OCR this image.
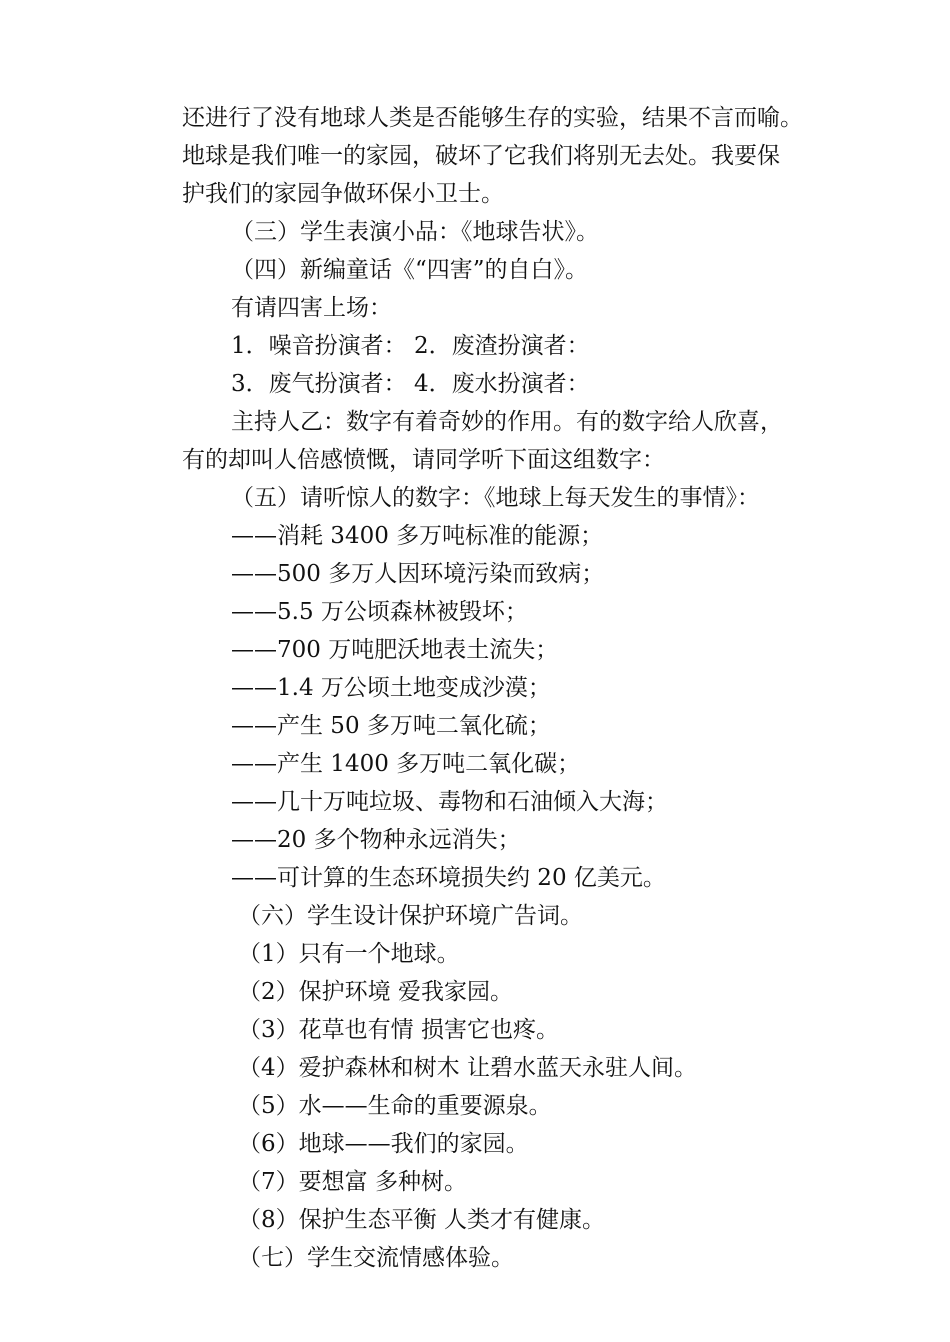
还进行了没有地球人类是否能够生存的实验，结果不言而喻。
地球是我们唯一的家园，破坏了它我们将别无去处。我要保
护我们的家园争做环保小卫士。
（三）学生表演小品：《地球告状》。
（四）新编童话《“四害”的自白》。
有请四害上场：
1．噪音扮演者： 2．废渣扮演者：
3．废气扮演者： 4．废水扮演者：
主持人乙：数字有着奇妙的作用。有的数字给人欣喜，
有的却叫人倍感愤慨，请同学听下面这组数字：
（五）请听惊人的数字：《地球上每天发生的事情》：
——消耗 3400 多万吨标准的能源；
——500 多万人因环境污染而致病；
——5.5 万公顷森林被毁坏；
——700 万吨肥沃地表土流失；
——1.4 万公顷土地变成沙漠；
——产生 50 多万吨二氧化硫；
——产生 1400 多万吨二氧化碳；
——几十万吨垃圾、毒物和石油倾入大海；
——20 多个物种永远消失；
——可计算的生态环境损失约 20 亿美元。
（六）学生设计保护环境广告词。
（1）只有一个地球。
（2）保护环境 爱我家园。
（3）花草也有情 损害它也疼。
（4）爱护森林和树木 让碧水蓝天永驻人间。
（5）水——生命的重要源泉。
（6）地球——我们的家园。
（7）要想富 多种树。
（8）保护生态平衡 人类才有健康。
（七）学生交流情感体验。
